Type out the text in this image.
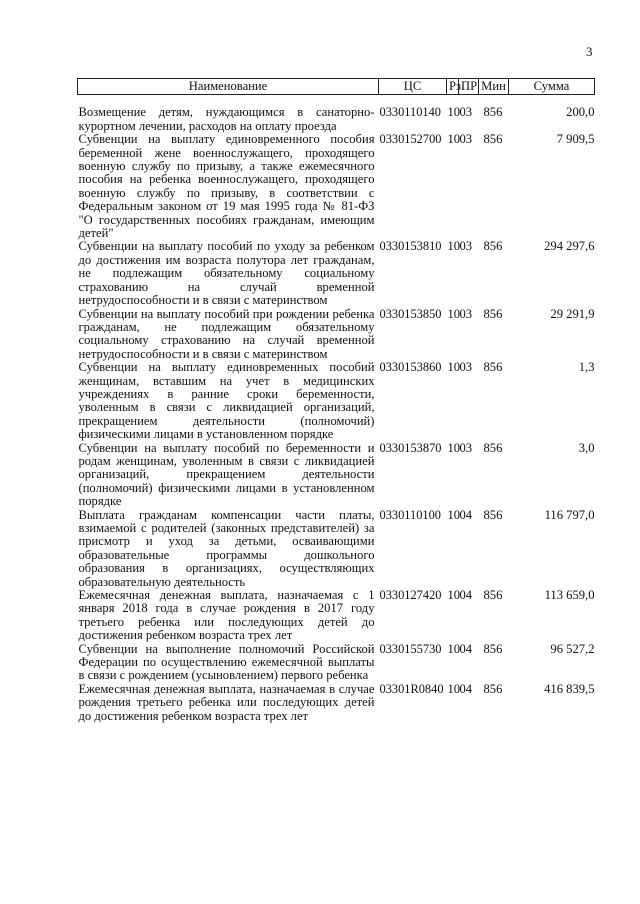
3
Наименование	ЦС	Рз	ПР	Мин	Сумма
Возмещение детям, нуждающимся в санаторно-курортном лечении, расходов на оплату проезда	0330110140	10	03	856	200,0
Субвенции на выплату единовременного пособия беременной жене военнослужащего, проходящего военную службу по призыву, а также ежемесячного пособия на ребенка военнослужащего, проходящего военную службу по призыву, в соответствии с Федеральным законом от 19 мая 1995 года № 81-ФЗ "О государственных пособиях гражданам, имеющим детей"	0330152700	10	03	856	7 909,5
Субвенции на выплату пособий по уходу за ребенком до достижения им возраста полутора лет гражданам, не подлежащим обязательному социальному страхованию на случай временной нетрудоспособности и в связи с материнством	0330153810	10	03	856	294 297,6
Субвенции на выплату пособий при рождении ребенка гражданам, не подлежащим обязательному социальному страхованию на случай временной нетрудоспособности и в связи с материнством	0330153850	10	03	856	29 291,9
Субвенции на выплату единовременных пособий женщинам, вставшим на учет в медицинских учреждениях в ранние сроки беременности, уволенным в связи с ликвидацией организаций, прекращением деятельности (полномочий) физическими лицами в установленном порядке	0330153860	10	03	856	1,3
Субвенции на выплату пособий по беременности и родам женщинам, уволенным в связи с ликвидацией организаций, прекращением деятельности (полномочий) физическими лицами в установленном порядке	0330153870	10	03	856	3,0
Выплата гражданам компенсации части платы, взимаемой с родителей (законных представителей) за присмотр и уход за детьми, осваивающими образовательные программы дошкольного образования в организациях, осуществляющих образовательную деятельность	0330110100	10	04	856	116 797,0
Ежемесячная денежная выплата, назначаемая с 1 января 2018 года в случае рождения в 2017 году третьего ребенка или последующих детей до достижения ребенком возраста трех лет	0330127420	10	04	856	113 659,0
Субвенции на выполнение полномочий Российской Федерации по осуществлению ежемесячной выплаты в связи с рождением (усыновлением) первого ребенка	0330155730	10	04	856	96 527,2
Ежемесячная денежная выплата, назначаемая в случае рождения третьего ребенка или последующих детей до достижения ребенком возраста трех лет	03301R0840	10	04	856	416 839,5
